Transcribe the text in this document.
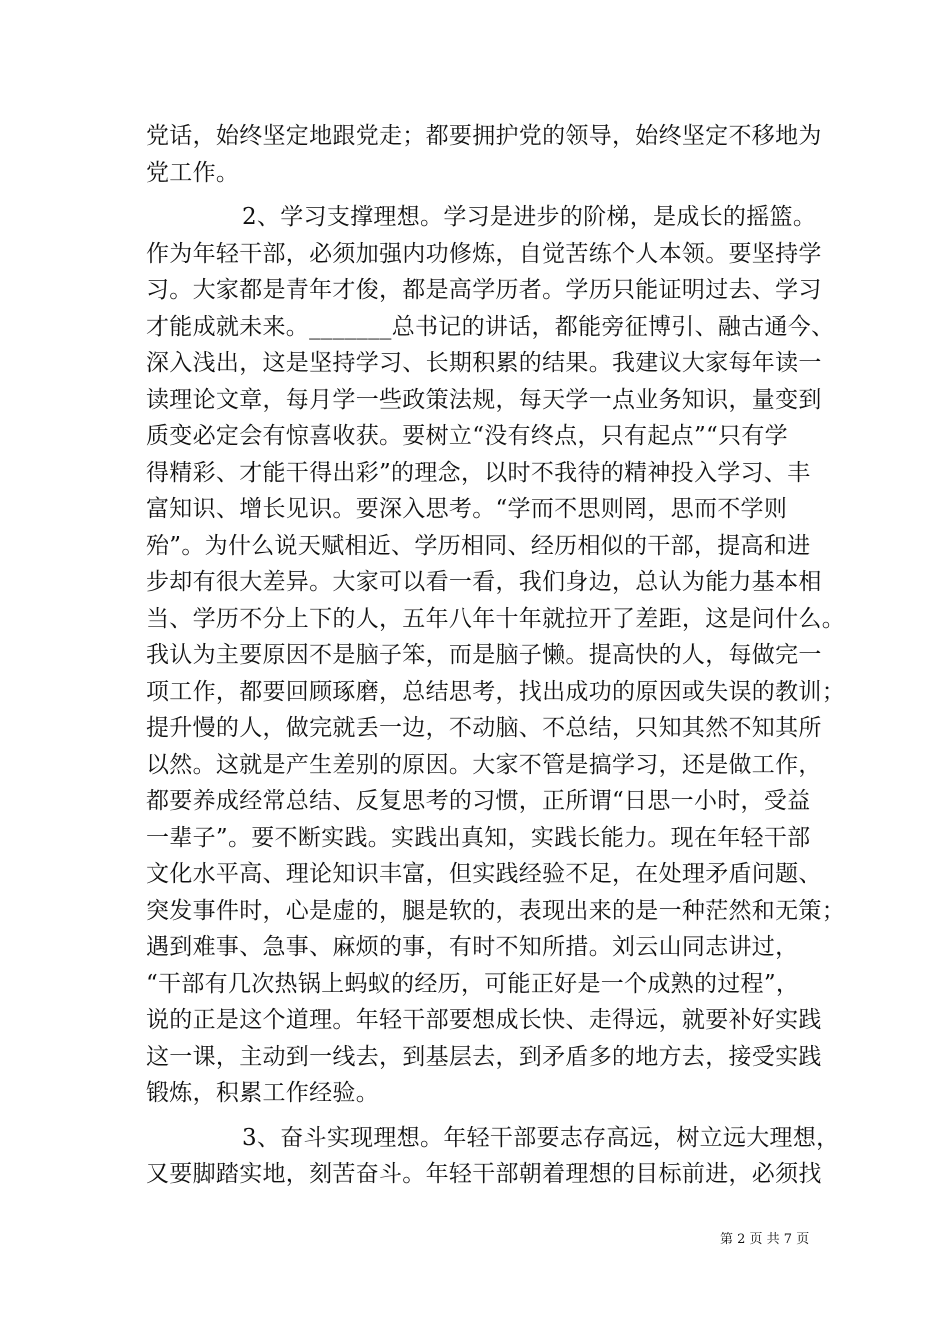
党话，始终坚定地跟党走；都要拥护党的领导，始终坚定不移地为
党工作。
2、学习支撑理想。学习是进步的阶梯，是成长的摇篮。
作为年轻干部，必须加强内功修炼，自觉苦练个人本领。要坚持学
习。大家都是青年才俊，都是高学历者。学历只能证明过去、学习
才能成就未来。_______总书记的讲话，都能旁征博引、融古通今、
深入浅出，这是坚持学习、长期积累的结果。我建议大家每年读一
读理论文章，每月学一些政策法规，每天学一点业务知识，量变到
质变必定会有惊喜收获。要树立“没有终点，只有起点”“只有学
得精彩、才能干得出彩”的理念，以时不我待的精神投入学习、丰
富知识、增长见识。要深入思考。“学而不思则罔，思而不学则
殆”。为什么说天赋相近、学历相同、经历相似的干部，提高和进
步却有很大差异。大家可以看一看，我们身边，总认为能力基本相
当、学历不分上下的人，五年八年十年就拉开了差距，这是问什么。
我认为主要原因不是脑子笨，而是脑子懒。提高快的人，每做完一
项工作，都要回顾琢磨，总结思考，找出成功的原因或失误的教训；
提升慢的人，做完就丢一边，不动脑、不总结，只知其然不知其所
以然。这就是产生差别的原因。大家不管是搞学习，还是做工作，
都要养成经常总结、反复思考的习惯，正所谓“日思一小时，受益
一辈子”。要不断实践。实践出真知，实践长能力。现在年轻干部
文化水平高、理论知识丰富，但实践经验不足，在处理矛盾问题、
突发事件时，心是虚的，腿是软的，表现出来的是一种茫然和无策；
遇到难事、急事、麻烦的事，有时不知所措。刘云山同志讲过，
“干部有几次热锅上蚂蚁的经历，可能正好是一个成熟的过程”，
说的正是这个道理。年轻干部要想成长快、走得远，就要补好实践
这一课，主动到一线去，到基层去，到矛盾多的地方去，接受实践
锻炼，积累工作经验。
3、奋斗实现理想。年轻干部要志存高远，树立远大理想，
又要脚踏实地，刻苦奋斗。年轻干部朝着理想的目标前进，必须找
第 2 页 共 7 页
